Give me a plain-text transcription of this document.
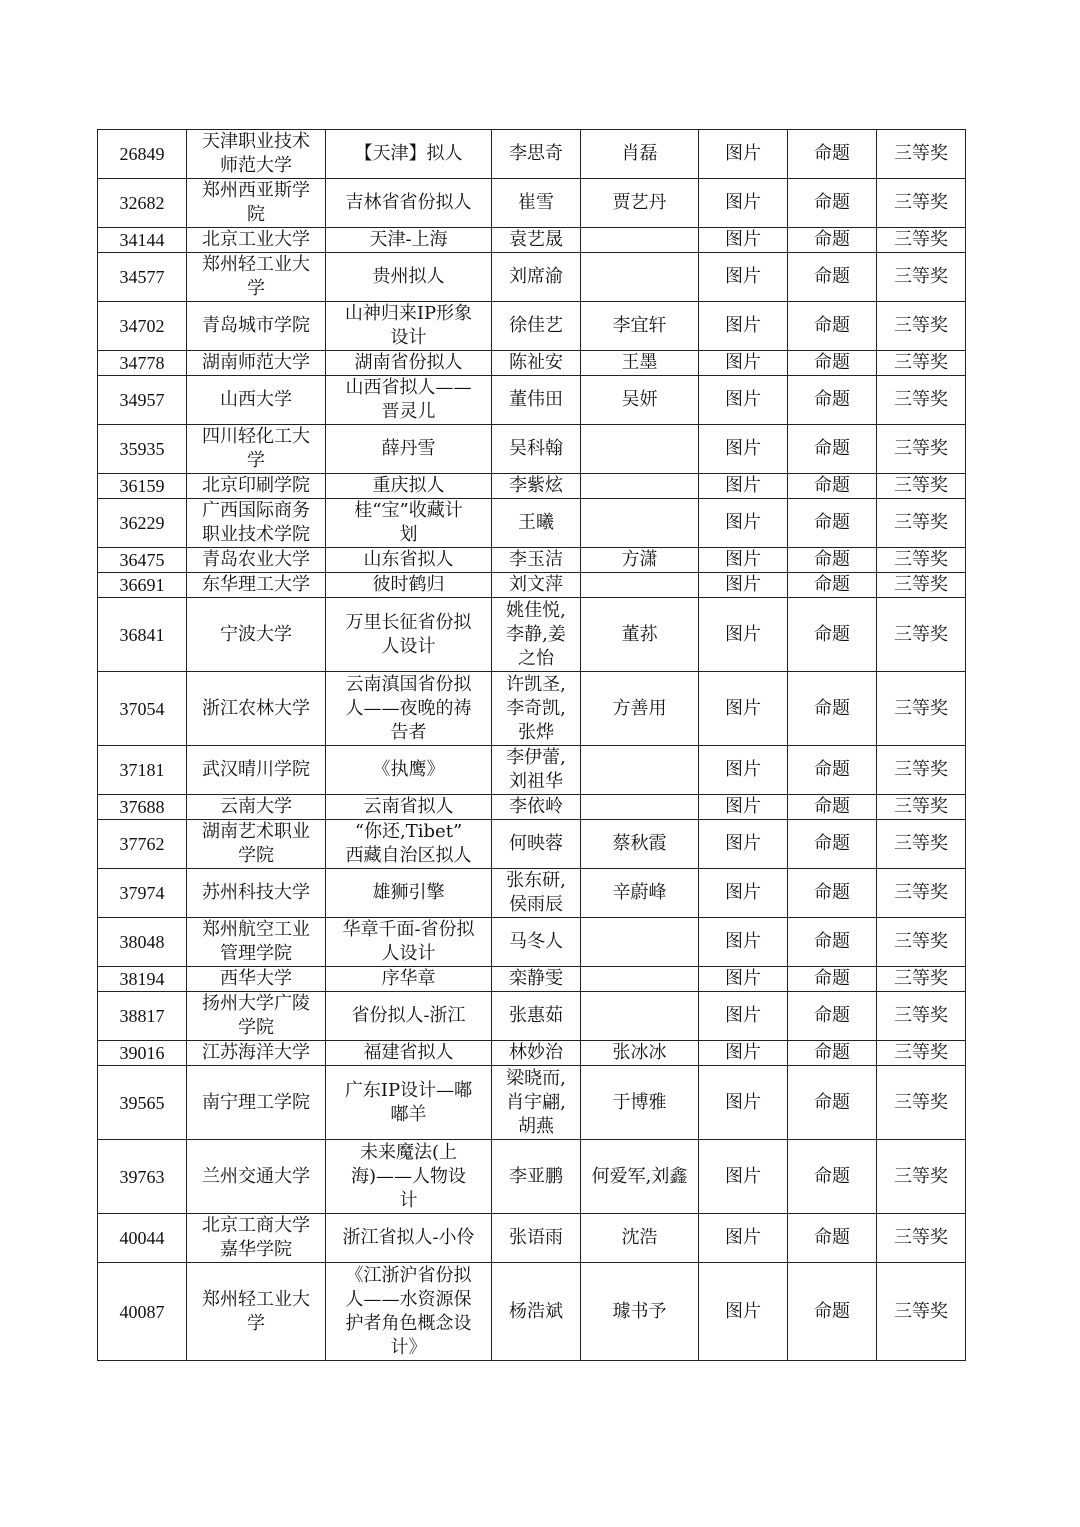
26849	天津职业技术
师范大学	【天津】拟人	李思奇	肖磊	图片	命题	三等奖
32682	郑州西亚斯学
院	吉林省省份拟人	崔雪	贾艺丹	图片	命题	三等奖
34144	北京工业大学	天津-上海	袁艺晟		图片	命题	三等奖
34577	郑州轻工业大
学	贵州拟人	刘席渝		图片	命题	三等奖
34702	青岛城市学院	山神归来IP形象
设计	徐佳艺	李宜轩	图片	命题	三等奖
34778	湖南师范大学	湖南省份拟人	陈祉安	王墨	图片	命题	三等奖
34957	山西大学	山西省拟人——
晋灵儿	董伟田	吴妍	图片	命题	三等奖
35935	四川轻化工大
学	薛丹雪	吴科翰		图片	命题	三等奖
36159	北京印刷学院	重庆拟人	李紫炫		图片	命题	三等奖
36229	广西国际商务
职业技术学院	桂“宝”收藏计
划	王曦		图片	命题	三等奖
36475	青岛农业大学	山东省拟人	李玉洁	方潇	图片	命题	三等奖
36691	东华理工大学	彼时鹤归	刘文萍		图片	命题	三等奖
36841	宁波大学	万里长征省份拟
人设计	姚佳悦,
李静,姜
之怡	董荪	图片	命题	三等奖
37054	浙江农林大学	云南滇国省份拟
人——夜晚的祷
告者	许凯圣,
李奇凯,
张烨	方善用	图片	命题	三等奖
37181	武汉晴川学院	《执鹰》	李伊蕾,
刘祖华		图片	命题	三等奖
37688	云南大学	云南省拟人	李依岭		图片	命题	三等奖
37762	湖南艺术职业
学院	“你还,Tibet”
西藏自治区拟人	何映蓉	蔡秋霞	图片	命题	三等奖
37974	苏州科技大学	雄狮引擎	张东研,
侯雨辰	辛蔚峰	图片	命题	三等奖
38048	郑州航空工业
管理学院	华章千面-省份拟
人设计	马冬人		图片	命题	三等奖
38194	西华大学	序华章	栾静雯		图片	命题	三等奖
38817	扬州大学广陵
学院	省份拟人-浙江	张惠茹		图片	命题	三等奖
39016	江苏海洋大学	福建省拟人	林妙治	张冰冰	图片	命题	三等奖
39565	南宁理工学院	广东IP设计—嘟
嘟羊	梁晓而,
肖宇翩,
胡燕	于博雅	图片	命题	三等奖
39763	兰州交通大学	未来魔法(上
海)——人物设
计	李亚鹏	何爱军,刘鑫	图片	命题	三等奖
40044	北京工商大学
嘉华学院	浙江省拟人-小伶	张语雨	沈浩	图片	命题	三等奖
40087	郑州轻工业大
学	《江浙沪省份拟
人——水资源保
护者角色概念设
计》	杨浩斌	璩书予	图片	命题	三等奖
